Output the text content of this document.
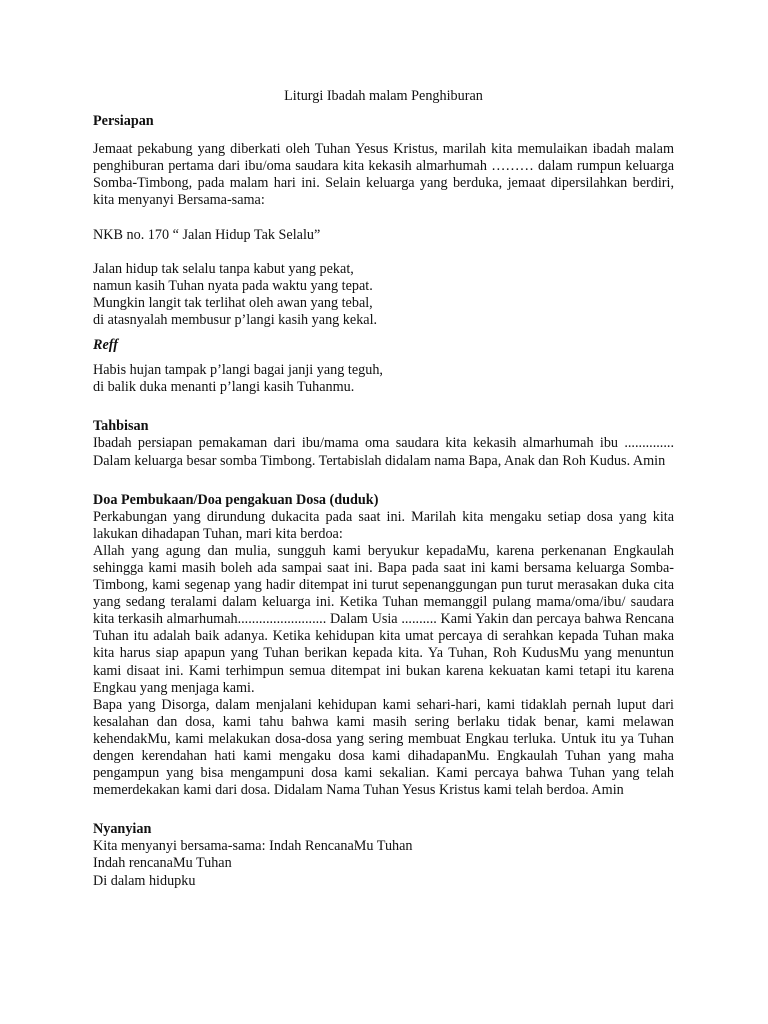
Liturgi Ibadah malam Penghiburan

Persiapan

Jemaat pekabung yang diberkati oleh Tuhan Yesus Kristus, marilah kita memulaikan ibadah malam penghiburan pertama dari ibu/oma saudara kita kekasih almarhumah ……… dalam rumpun keluarga Somba-Timbong, pada malam hari ini. Selain keluarga yang berduka, jemaat dipersilahkan berdiri, kita menyanyi Bersama-sama:

NKB no. 170 “ Jalan Hidup Tak Selalu”

Jalan hidup tak selalu tanpa kabut yang pekat,

namun kasih Tuhan nyata pada waktu yang tepat.

Mungkin langit tak terlihat oleh awan yang tebal,

di atasnyalah membusur p’langi kasih yang kekal.

Reff

Habis hujan tampak p’langi bagai janji yang teguh,

di balik duka menanti p’langi kasih Tuhanmu.

Tahbisan

Ibadah persiapan pemakaman dari ibu/mama oma saudara kita kekasih almarhumah ibu .............. Dalam keluarga besar somba Timbong. Tertabislah didalam nama Bapa, Anak dan Roh Kudus. Amin

Doa Pembukaan/Doa pengakuan Dosa (duduk)

Perkabungan yang dirundung dukacita pada saat ini. Marilah kita mengaku setiap dosa yang kita lakukan dihadapan Tuhan, mari kita berdoa:

Allah yang agung dan mulia, sungguh kami beryukur kepadaMu, karena perkenanan Engkaulah sehingga kami masih boleh ada sampai saat ini. Bapa pada saat ini kami bersama keluarga Somba-Timbong, kami segenap yang hadir ditempat ini turut sepenanggungan pun turut merasakan duka cita yang sedang teralami dalam keluarga ini. Ketika Tuhan memanggil pulang mama/oma/ibu/ saudara kita terkasih almarhumah......................... Dalam Usia .......... Kami Yakin dan percaya bahwa Rencana Tuhan itu adalah baik adanya. Ketika kehidupan kita umat percaya di serahkan kepada Tuhan maka kita harus siap apapun yang Tuhan berikan kepada kita. Ya Tuhan, Roh KudusMu yang menuntun kami disaat ini. Kami terhimpun semua ditempat ini bukan karena kekuatan kami tetapi itu karena Engkau yang menjaga kami.

Bapa yang Disorga, dalam menjalani kehidupan kami sehari-hari, kami tidaklah pernah luput dari kesalahan dan dosa, kami tahu bahwa kami masih sering berlaku tidak benar, kami melawan kehendakMu, kami melakukan dosa-dosa yang sering membuat Engkau terluka. Untuk itu ya Tuhan dengen kerendahan hati kami mengaku dosa kami dihadapanMu. Engkaulah Tuhan yang maha pengampun yang bisa mengampuni dosa kami sekalian. Kami percaya bahwa Tuhan yang telah memerdekakan kami dari dosa. Didalam Nama Tuhan Yesus Kristus kami telah berdoa. Amin

Nyanyian

Kita menyanyi bersama-sama: Indah RencanaMu Tuhan

Indah rencanaMu Tuhan

Di dalam hidupku
